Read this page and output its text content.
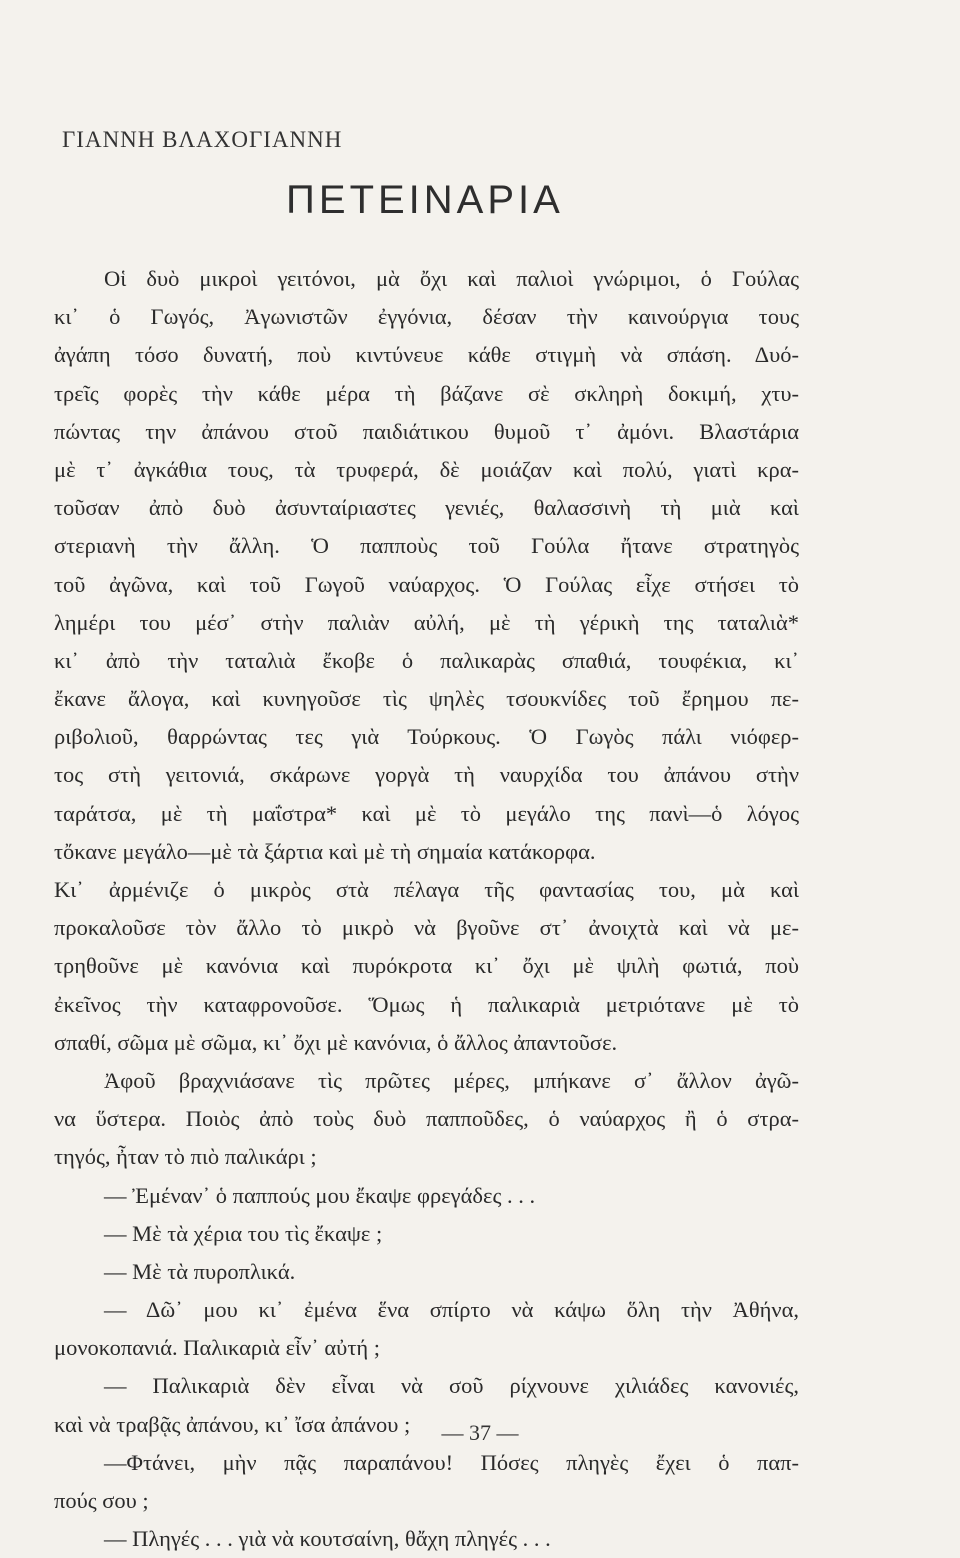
ΓΙΑΝΝΗ ΒΛΑΧΟΓΙΑΝΝΗ
ΠΕΤΕΙΝΑΡΙΑ
Οἱ δυὸ μικροὶ γειτόνοι, μὰ ὄχι καὶ παλιοὶ γνώριμοι, ὁ Γούλας
κι᾿ ὁ Γωγός, Ἀγωνιστῶν ἐγγόνια, δέσαν τὴν καινούργια τους
ἀγάπη τόσο δυνατή, ποὺ κιντύνευε κάθε στιγμὴ νὰ σπάση. Δυό-
τρεῖς φορὲς τὴν κάθε μέρα τὴ βάζανε σὲ σκληρὴ δοκιμή, χτυ-
πώντας την ἀπάνου στοῦ παιδιάτικου θυμοῦ τ᾿ ἀμόνι. Βλαστάρια
μὲ τ᾿ ἀγκάθια τους, τὰ τρυφερά, δὲ μοιάζαν καὶ πολύ, γιατὶ κρα-
τοῦσαν ἀπὸ δυὸ ἀσυνταίριαστες γενιές, θαλασσινὴ τὴ μιὰ καὶ
στεριανὴ τὴν ἄλλη. Ὁ παπποὺς τοῦ Γούλα ἤτανε στρατηγὸς
τοῦ ἀγῶνα, καὶ τοῦ Γωγοῦ ναύαρχος. Ὁ Γούλας εἶχε στήσει τὸ
λημέρι του μέσ᾿ στὴν παλιὰν αὐλή, μὲ τὴ γέρικὴ της ταταλιὰ*
κι᾿ ἀπὸ τὴν ταταλιὰ ἔκοβε ὁ παλικαρὰς σπαθιά, τουφέκια, κι᾿
ἔκανε ἄλογα, καὶ κυνηγοῦσε τὶς ψηλὲς τσουκνίδες τοῦ ἔρημου πε-
ριβολιοῦ, θαρρώντας τες γιὰ Τούρκους. Ὁ Γωγὸς πάλι νιόφερ-
τος στὴ γειτονιά, σκάρωνε γοργὰ τὴ ναυρχίδα του ἀπάνου στὴν
ταράτσα, μὲ τὴ μαΐστρα* καὶ μὲ τὸ μεγάλο της πανὶ—ὁ λόγος
τὄκανε μεγάλο—μὲ τὰ ξάρτια καὶ μὲ τὴ σημαία κατάκορφα.
Κι᾿ ἀρμένιζε ὁ μικρὸς στὰ πέλαγα τῆς φαντασίας του, μὰ καὶ
προκαλοῦσε τὸν ἄλλο τὸ μικρὸ νὰ βγοῦνε στ᾿ ἀνοιχτὰ καὶ νὰ με-
τρηθοῦνε μὲ κανόνια καὶ πυρόκροτα κι᾿ ὄχι μὲ ψιλὴ φωτιά, ποὺ
ἐκεῖνος τὴν καταφρονοῦσε. Ὅμως ἡ παλικαριὰ μετριότανε μὲ τὸ
σπαθί, σῶμα μὲ σῶμα, κι᾿ ὄχι μὲ κανόνια, ὁ ἄλλος ἀπαντοῦσε.
Ἀφοῦ βραχνιάσανε τὶς πρῶτες μέρες, μπήκανε σ᾿ ἄλλον ἀγῶ-
να ὕστερα. Ποιὸς ἀπὸ τοὺς δυὸ παπποῦδες, ὁ ναύαρχος ἢ ὁ στρα-
τηγός, ἦταν τὸ πιὸ παλικάρι ;
— Ἐμέναν᾿ ὁ παππούς μου ἔκαψε φρεγάδες . . .
— Μὲ τὰ χέρια του τὶς ἔκαψε ;
— Μὲ τὰ πυροπλικά.
— Δῶ᾿ μου κι᾿ ἐμένα ἕνα σπίρτο νὰ κάψω ὅλη τὴν Ἀθήνα,
μονοκοπανιά. Παλικαριὰ εἶν᾿ αὐτή ;
— Παλικαριὰ δὲν εἶναι νὰ σοῦ ρίχνουνε χιλιάδες κανονιές,
καὶ νὰ τραβᾷς ἀπάνου, κι᾿ ἴσα ἀπάνου ;
—Φτάνει, μὴν πᾷς παραπάνου! Πόσες πληγὲς ἔχει ὁ παπ-
πούς σου ;
— Πληγές . . . γιὰ νὰ κουτσαίνη, θἄχη πληγές . . .
— 37 —
